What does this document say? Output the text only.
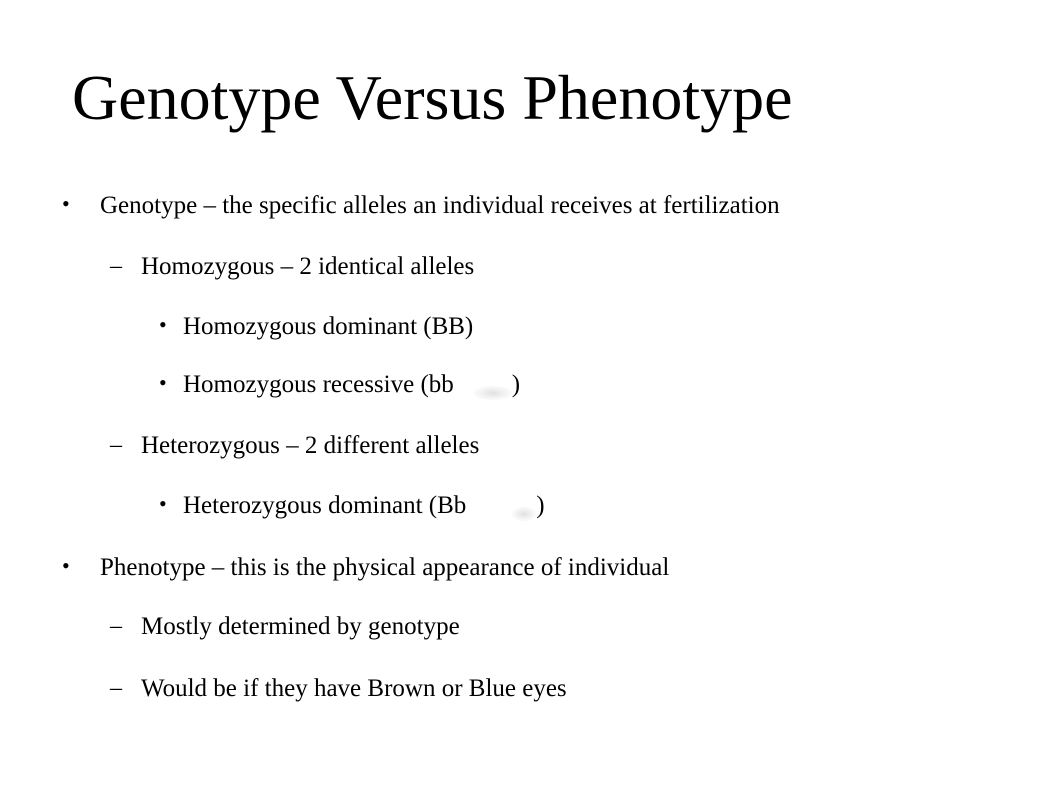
Genotype Versus Phenotype
• Genotype – the specific alleles an individual receives at fertilization
– Homozygous – 2 identical alleles
• Homozygous dominant (BB)
• Homozygous recessive (bb )
– Heterozygous – 2 different alleles
• Heterozygous dominant (Bb	)
• Phenotype – this is the physical appearance of individual
– Mostly determined by genotype
– Would be if they have Brown or Blue eyes
